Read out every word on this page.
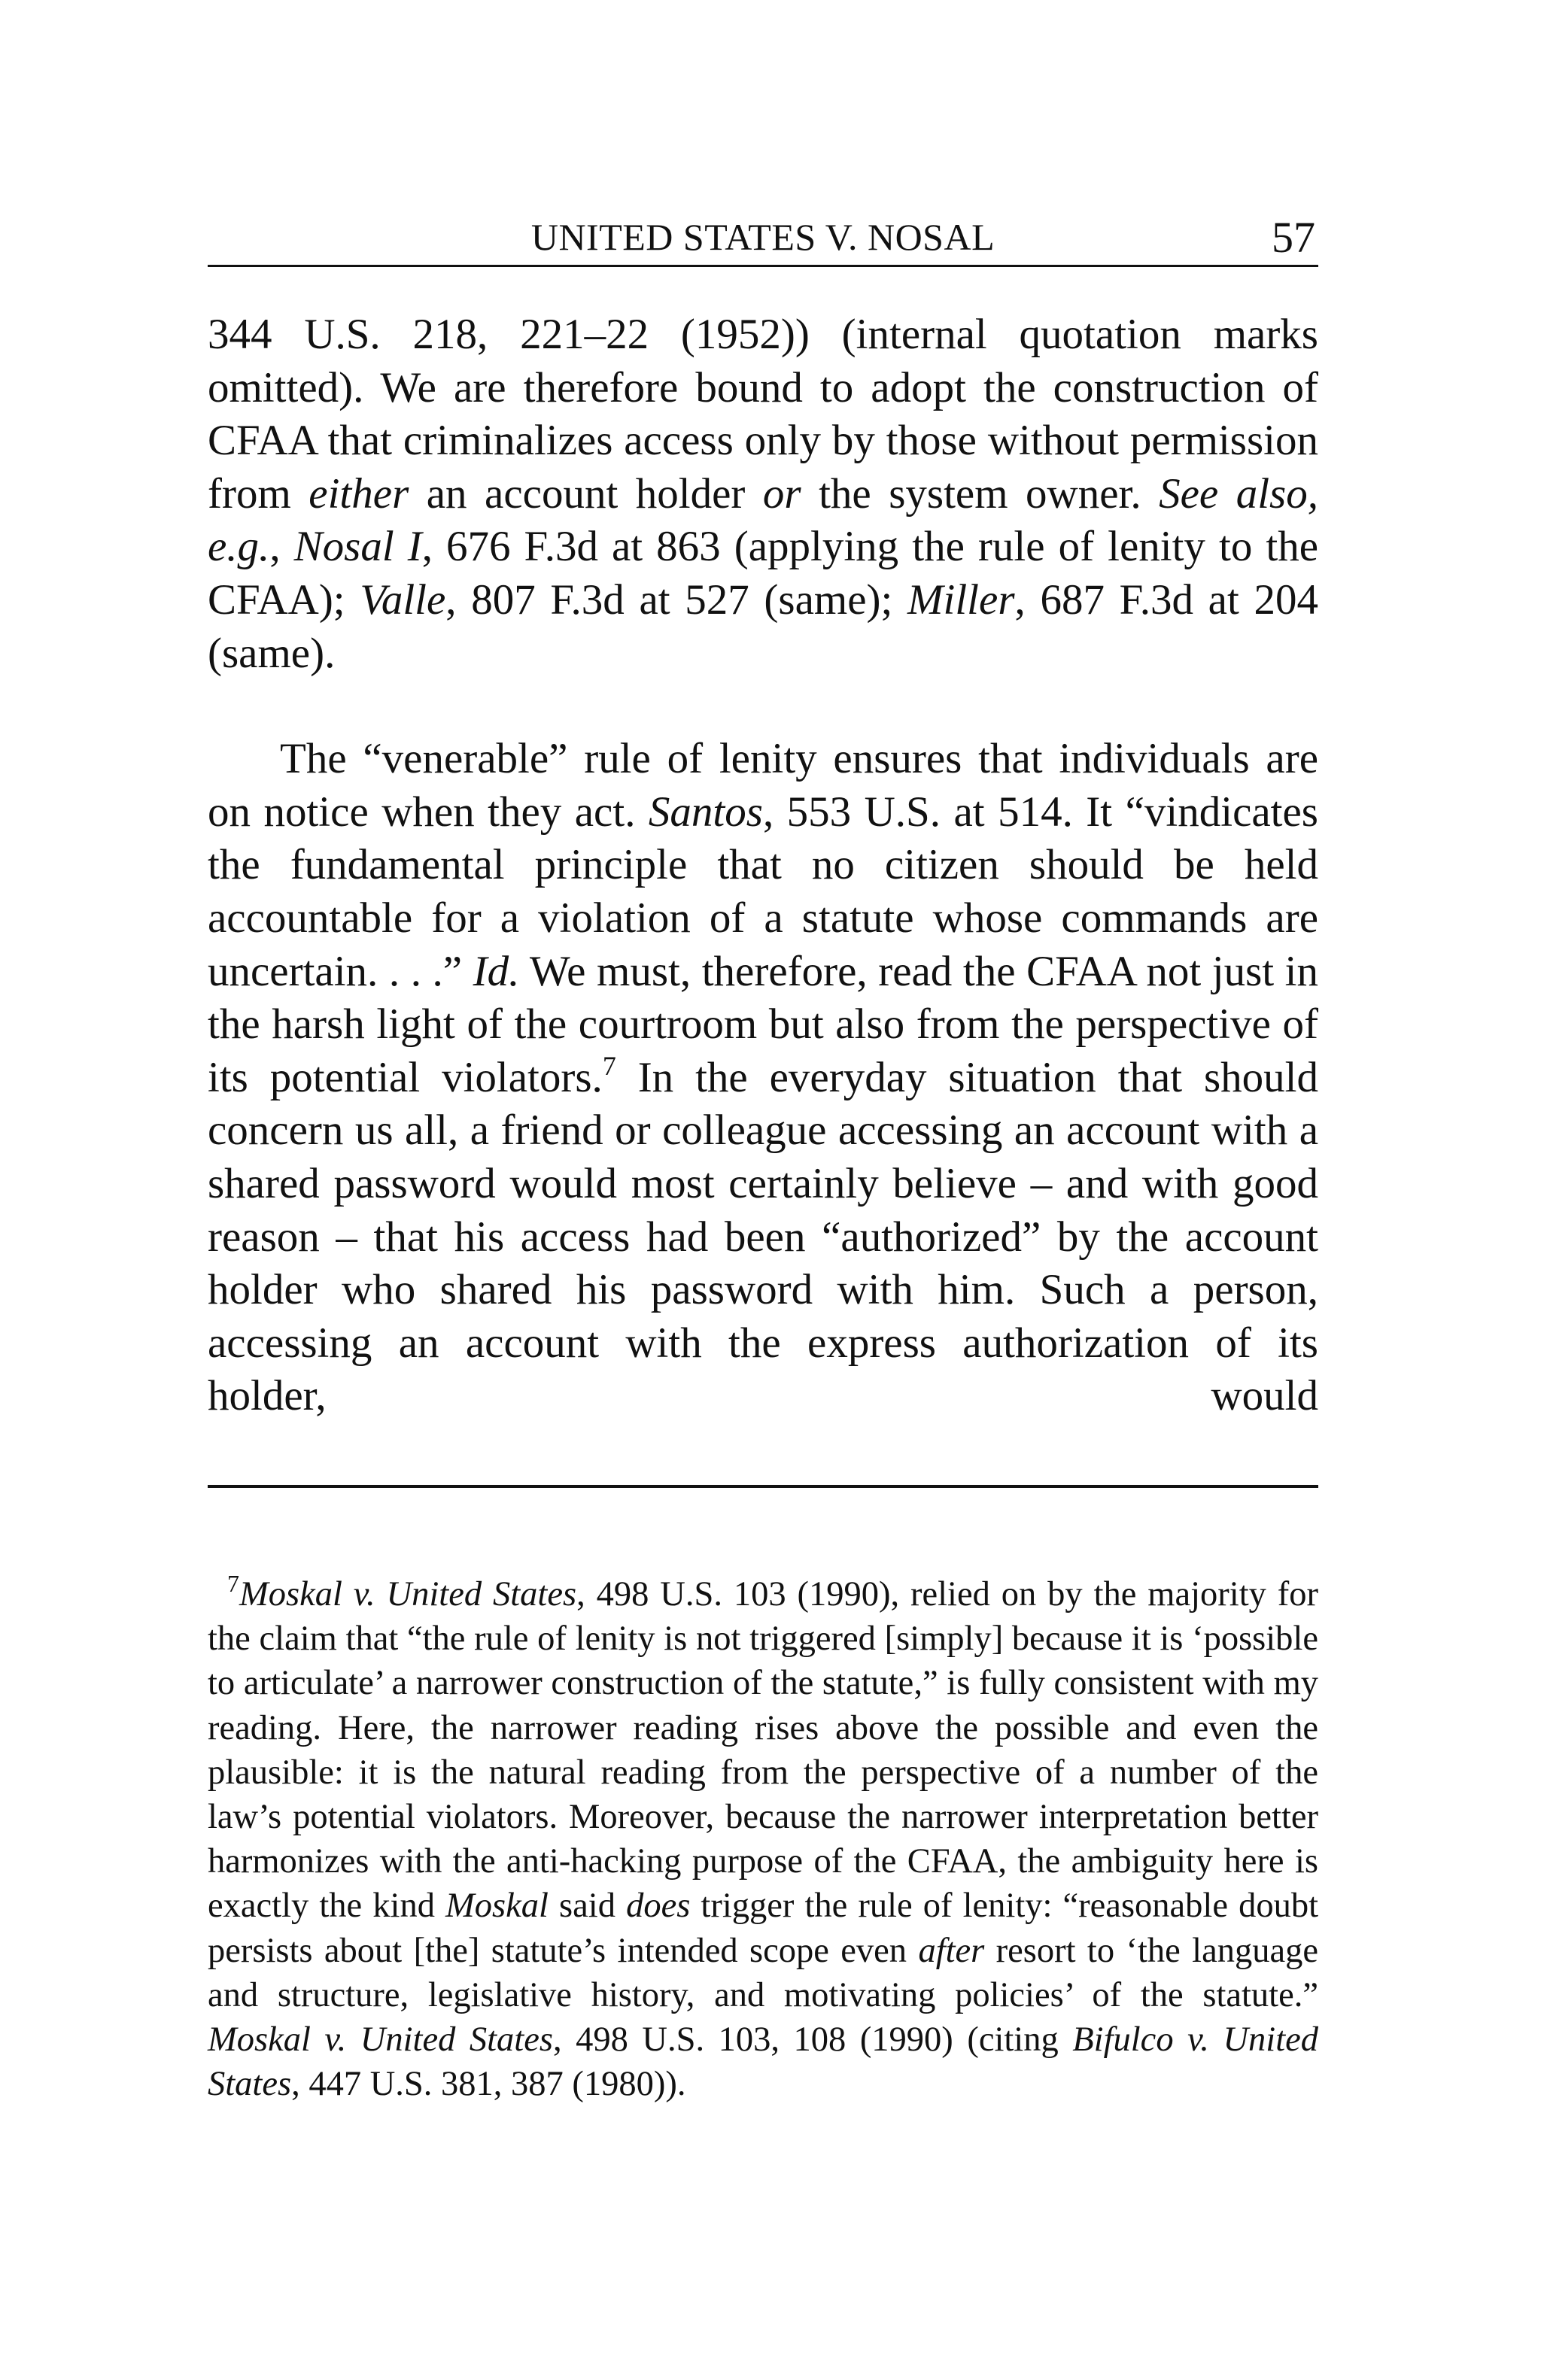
UNITED STATES V. NOSAL	57

344 U.S. 218, 221–22 (1952)) (internal quotation marks omitted). We are therefore bound to adopt the construction of CFAA that criminalizes access only by those without permission from either an account holder or the system owner. See also, e.g., Nosal I, 676 F.3d at 863 (applying the rule of lenity to the CFAA); Valle, 807 F.3d at 527 (same); Miller, 687 F.3d at 204 (same).

The “venerable” rule of lenity ensures that individuals are on notice when they act. Santos, 553 U.S. at 514. It “vindicates the fundamental principle that no citizen should be held accountable for a violation of a statute whose commands are uncertain. . . .” Id. We must, therefore, read the CFAA not just in the harsh light of the courtroom but also from the perspective of its potential violators.$^7$ In the everyday situation that should concern us all, a friend or colleague accessing an account with a shared password would most certainly believe – and with good reason – that his access had been “authorized” by the account holder who shared his password with him. Such a person, accessing an account with the express authorization of its holder, would

$^7$Moskal v. United States, 498 U.S. 103 (1990), relied on by the majority for the claim that “the rule of lenity is not triggered [simply] because it is ‘possible to articulate’ a narrower construction of the statute,” is fully consistent with my reading. Here, the narrower reading rises above the possible and even the plausible: it is the natural reading from the perspective of a number of the law’s potential violators. Moreover, because the narrower interpretation better harmonizes with the anti-hacking purpose of the CFAA, the ambiguity here is exactly the kind Moskal said does trigger the rule of lenity: “reasonable doubt persists about [the] statute’s intended scope even after resort to ‘the language and structure, legislative history, and motivating policies’ of the statute.” Moskal v. United States, 498 U.S. 103, 108 (1990) (citing Bifulco v. United States, 447 U.S. 381, 387 (1980)).
